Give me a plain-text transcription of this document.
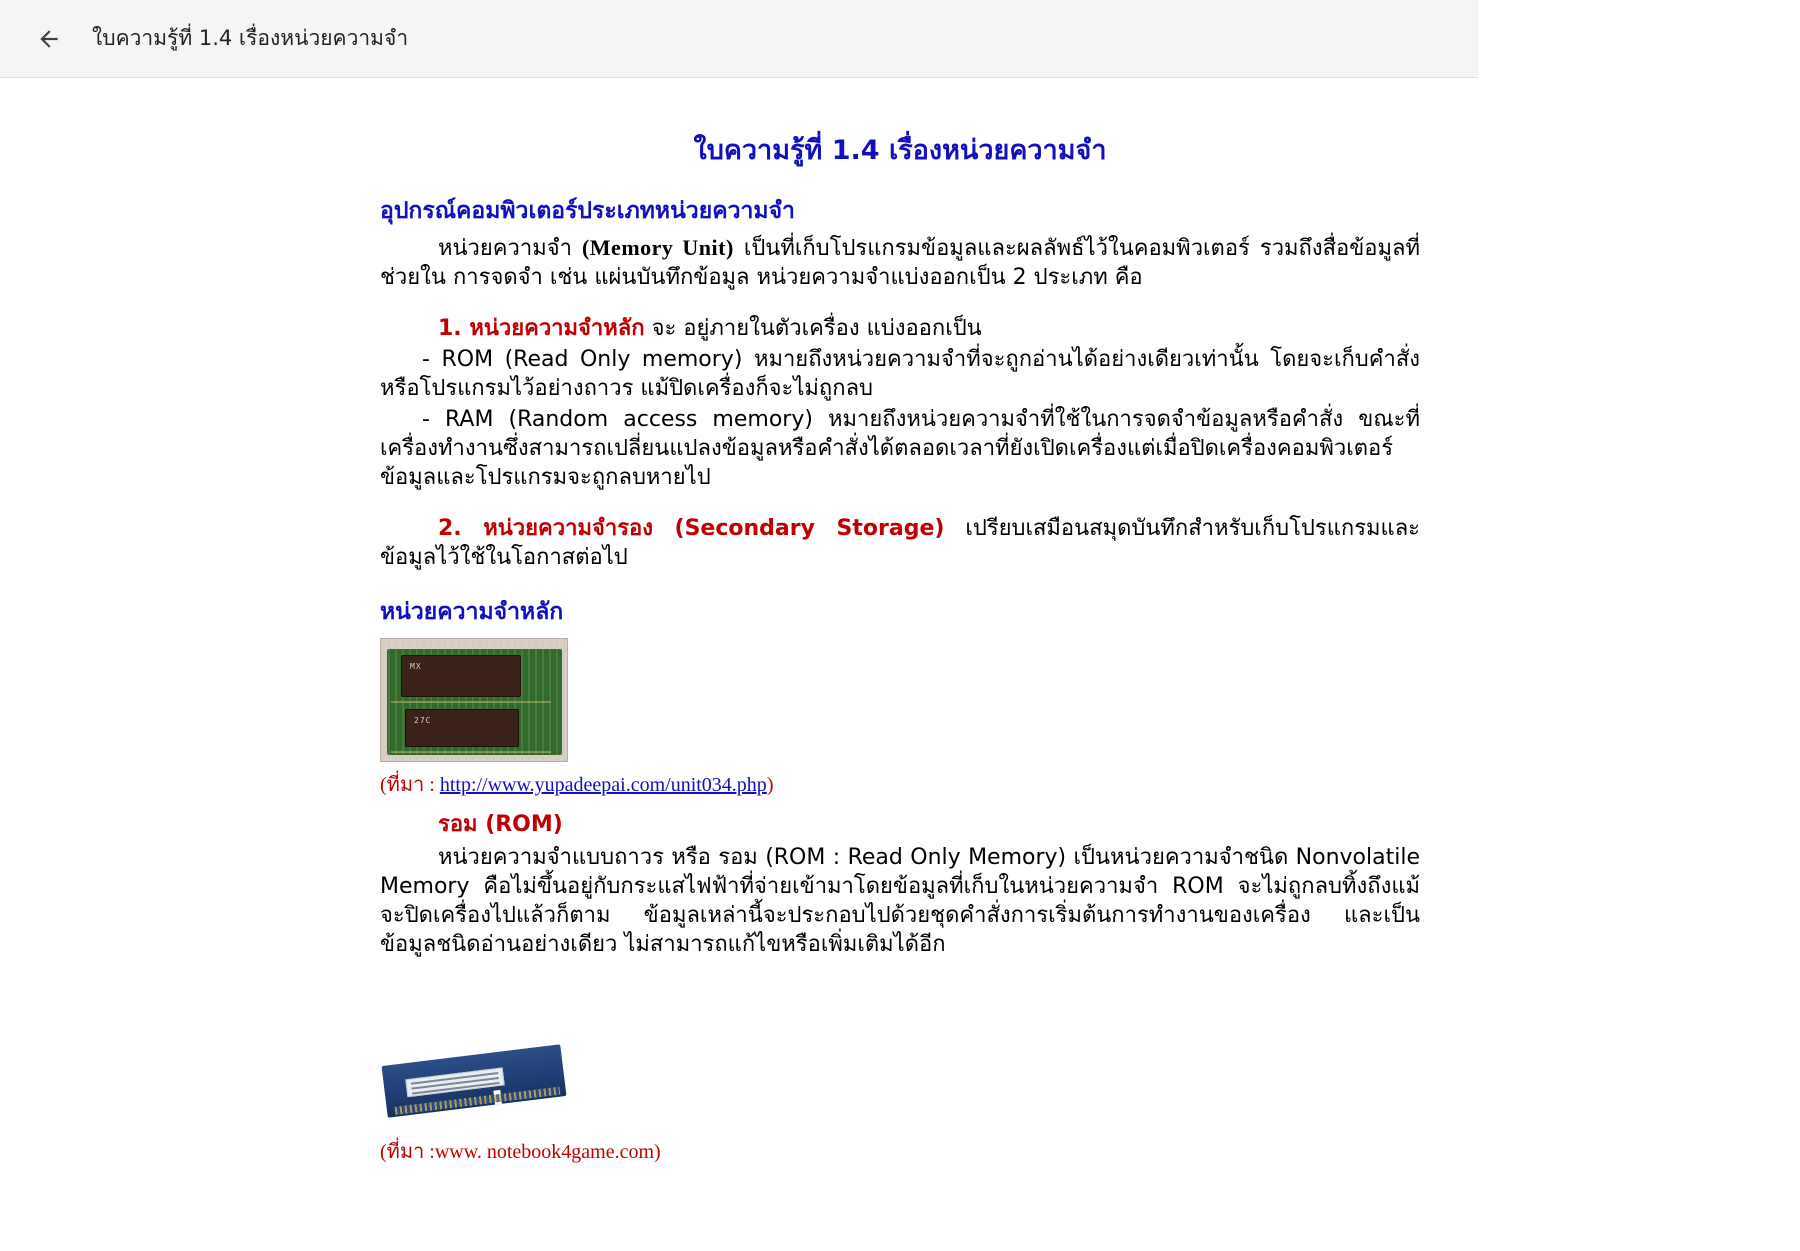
ใบความรู้ที่ 1.4 เรื่องหน่วยความจำ
ใบความรู้ที่ 1.4 เรื่องหน่วยความจำ
อุปกรณ์คอมพิวเตอร์ประเภทหน่วยความจำ

หน่วยความจำ (Memory Unit) เป็นที่เก็บโปรแกรมข้อมูลและผลลัพธ์ไว้ในคอมพิวเตอร์ รวมถึงสื่อข้อมูลที่ช่วยใน การจดจำ เช่น แผ่นบันทึกข้อมูล หน่วยความจำแบ่งออกเป็น 2 ประเภท คือ

1. หน่วยความจำหลัก จะ อยู่ภายในตัวเครื่อง แบ่งออกเป็น

- ROM (Read Only memory) หมายถึงหน่วยความจำที่จะถูกอ่านได้อย่างเดียวเท่านั้น โดยจะเก็บคำสั่งหรือโปรแกรมไว้อย่างถาวร แม้ปิดเครื่องก็จะไม่ถูกลบ

- RAM (Random access memory) หมายถึงหน่วยความจำที่ใช้ในการจดจำข้อมูลหรือคำสั่ง ขณะที่เครื่องทำงานซึ่งสามารถเปลี่ยนแปลงข้อมูลหรือคำสั่งได้ตลอดเวลาที่ยังเปิดเครื่องแต่เมื่อปิดเครื่องคอมพิวเตอร์ ข้อมูลและโปรแกรมจะถูกลบหายไป

2. หน่วยความจำรอง (Secondary Storage) เปรียบเสมือนสมุดบันทึกสำหรับเก็บโปรแกรมและข้อมูลไว้ใช้ในโอกาสต่อไป

หน่วยความจำหลัก
MX
27C
(ที่มา : http://www.yupadeepai.com/unit034.php)
รอม (ROM)

หน่วยความจำแบบถาวร หรือ รอม (ROM : Read Only Memory) เป็นหน่วยความจำชนิด Nonvolatile Memory คือไม่ขึ้นอยู่กับกระแสไฟฟ้าที่จ่ายเข้ามาโดยข้อมูลที่เก็บในหน่วยความจำ ROM จะไม่ถูกลบทิ้งถึงแม้จะปิดเครื่องไปแล้วก็ตาม ข้อมูลเหล่านี้จะประกอบไปด้วยชุดคำสั่งการเริ่มต้นการทำงานของเครื่อง และเป็นข้อมูลชนิดอ่านอย่างเดียว ไม่สามารถแก้ไขหรือเพิ่มเติมได้อีก

(ที่มา :www. notebook4game.com)
